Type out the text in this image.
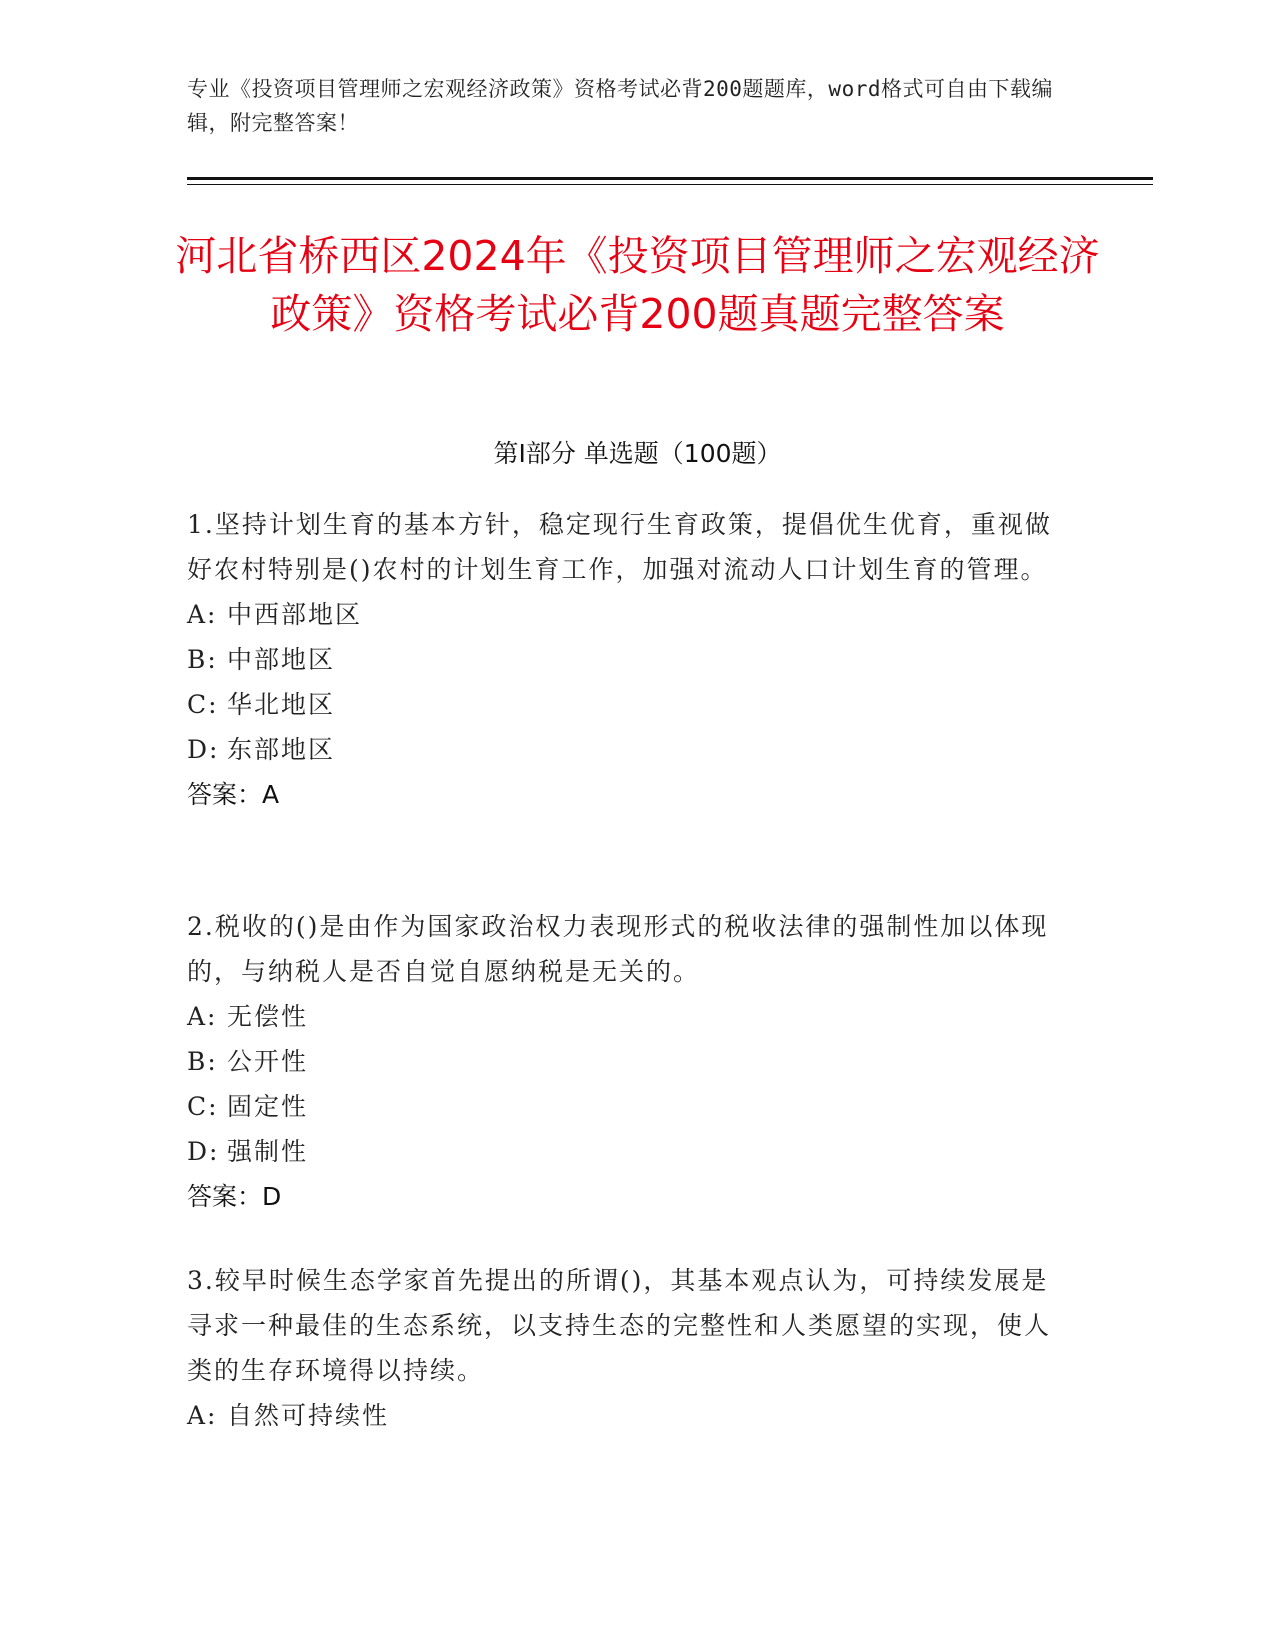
专业《投资项目管理师之宏观经济政策》资格考试必背200题题库，word格式可自由下载编辑，附完整答案！
河北省桥西区2024年《投资项目管理师之宏观经济政策》资格考试必背200题真题完整答案
第I部分 单选题（100题）

1.坚持计划生育的基本方针，稳定现行生育政策，提倡优生优育，重视做好农村特别是()农村的计划生育工作，加强对流动人口计划生育的管理。

A: 中西部地区

B: 中部地区

C: 华北地区

D: 东部地区

答案：A

2.税收的()是由作为国家政治权力表现形式的税收法律的强制性加以体现的，与纳税人是否自觉自愿纳税是无关的。

A: 无偿性

B: 公开性

C: 固定性

D: 强制性

答案：D

3.较早时候生态学家首先提出的所谓()，其基本观点认为，可持续发展是寻求一种最佳的生态系统，以支持生态的完整性和人类愿望的实现，使人类的生存环境得以持续。

A: 自然可持续性
